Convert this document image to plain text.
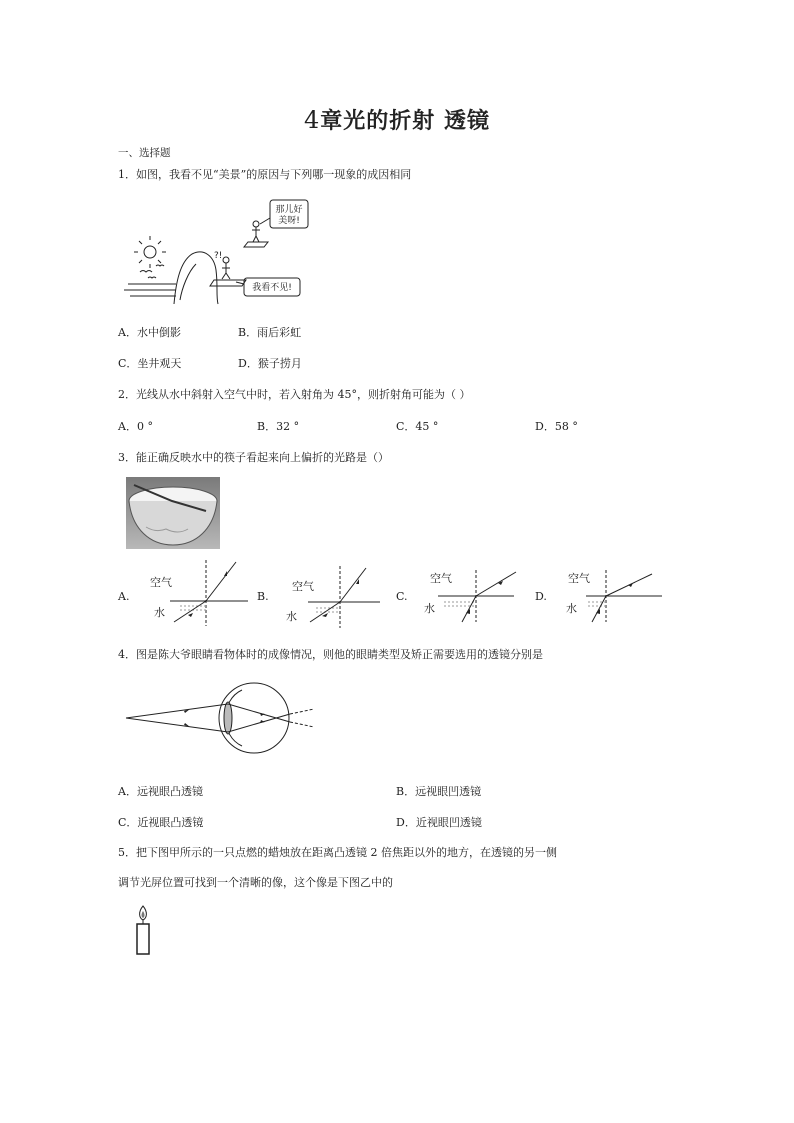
4章光的折射 透镜
一、选择题
1．如图，我看不见“美景”的原因与下列哪一现象的成因相同
?!
那儿好
美呀!
我看不见!
A．水中倒影	B．雨后彩虹
C．坐井观天	D．猴子捞月
2．光线从水中斜射入空气中时，若入射角为 45°，则折射角可能为（ ）
A．0 °	B．32 °	C．45 °	D．58 °
3．能正确反映水中的筷子看起来向上偏折的光路是（）
A.
空气
水
B.
空气
水
C.
空气
水
D.
空气
水
4．图是陈大爷眼睛看物体时的成像情况，则他的眼睛类型及矫正需要选用的透镜分别是
A．远视眼凸透镜	B．远视眼凹透镜
C．近视眼凸透镜	D．近视眼凹透镜
5．把下图甲所示的一只点燃的蜡烛放在距离凸透镜 2 倍焦距以外的地方，在透镜的另一侧
调节光屏位置可找到一个清晰的像，这个像是下图乙中的
